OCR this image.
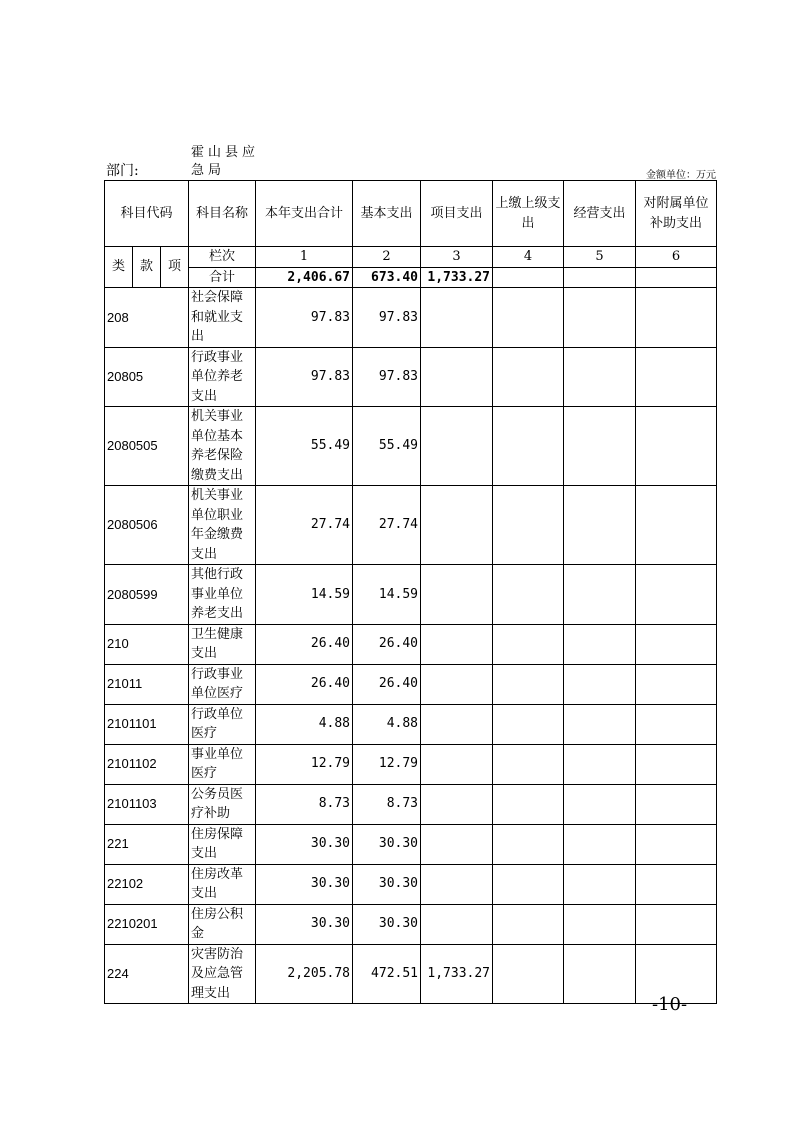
部门:
霍山县应急局	金额单位：万元
科目代码			科目名称	本年支出合计	基本支出	项目支出	上缴上级支出	经营支出	对附属单位补助支出
类	款	项	栏次	1	2	3	4	5	6
			合计	2,406.67	673.40	1,733.27			
208			社会保障和就业支出	97.83	97.83				
20805			行政事业单位养老支出	97.83	97.83				
2080505			机关事业单位基本养老保险缴费支出	55.49	55.49				
2080506			机关事业单位职业年金缴费支出	27.74	27.74				
2080599			其他行政事业单位养老支出	14.59	14.59				
210			卫生健康支出	26.40	26.40				
21011			行政事业单位医疗	26.40	26.40				
2101101			行政单位医疗	4.88	4.88				
2101102			事业单位医疗	12.79	12.79				
2101103			公务员医疗补助	8.73	8.73				
221			住房保障支出	30.30	30.30				
22102			住房改革支出	30.30	30.30				
2210201			住房公积金	30.30	30.30				
224			灾害防治及应急管理支出	2,205.78	472.51	1,733.27			
-10-
